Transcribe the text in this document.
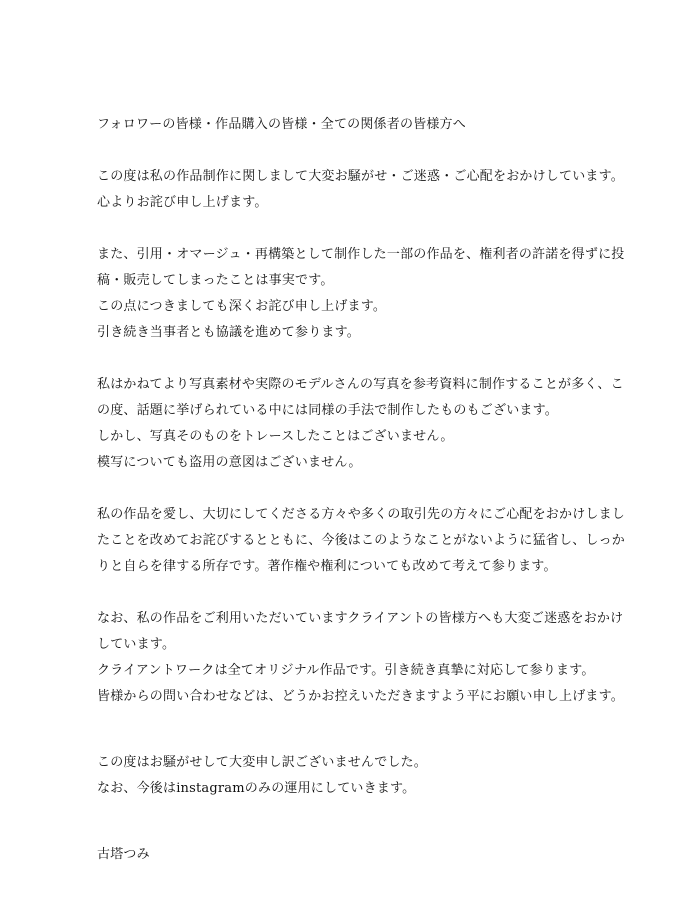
フォロワーの皆様・作品購入の皆様・全ての関係者の皆様方へ
この度は私の作品制作に関しまして大変お騒がせ・ご迷惑・ご心配をおかけしています。
心よりお詫び申し上げます。
また、引用・オマージュ・再構築として制作した一部の作品を、権利者の許諾を得ずに投
稿・販売してしまったことは事実です。
この点につきましても深くお詫び申し上げます。
引き続き当事者とも協議を進めて参ります。
私はかねてより写真素材や実際のモデルさんの写真を参考資料に制作することが多く、こ
の度、話題に挙げられている中には同様の手法で制作したものもございます。
しかし、写真そのものをトレースしたことはございません。
模写についても盗用の意図はございません。
私の作品を愛し、大切にしてくださる方々や多くの取引先の方々にご心配をおかけしまし
たことを改めてお詫びするとともに、今後はこのようなことがないように猛省し、しっか
りと自らを律する所存です。著作権や権利についても改めて考えて参ります。
なお、私の作品をご利用いただいていますクライアントの皆様方へも大変ご迷惑をおかけ
しています。
クライアントワークは全てオリジナル作品です。引き続き真摯に対応して参ります。
皆様からの問い合わせなどは、どうかお控えいただきますよう平にお願い申し上げます。
この度はお騒がせして大変申し訳ございませんでした。
なお、今後はinstagramのみの運用にしていきます。
古塔つみ
